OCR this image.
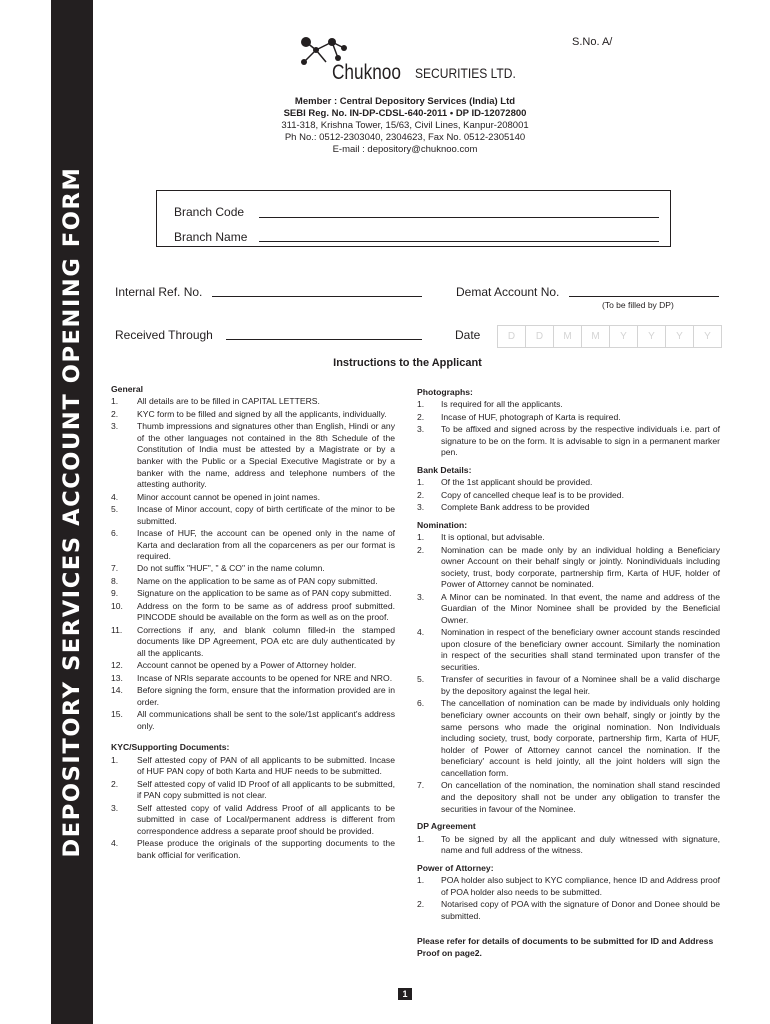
DEPOSITORY SERVICES ACCOUNT OPENING FORM
S.No. A/
Chuknoo SECURITIES LTD.
Member : Central Depository Services (India) Ltd
SEBI Reg. No. IN-DP-CDSL-640-2011 • DP ID-12072800
311-318, Krishna Tower, 15/63, Civil Lines, Kanpur-208001
Ph No.: 0512-2303040, 2304623, Fax No. 0512-2305140
E-mail : depository@chuknoo.com
Branch Code
Branch Name
Internal Ref. No.	Demat Account No.
(To be filled by DP)
Received Through	Date	D	D	M	M	Y	Y	Y	Y
Instructions to the Applicant
General
1.	All details are to be filled in CAPITAL LETTERS.
2.	KYC form to be filled and signed by all the applicants, individually.
3.	Thumb impressions and signatures other than English, Hindi or any of the other languages not contained in the 8th Schedule of the Constitution of India must be attested by a Magistrate or by a banker with the Public or a Special Executive Magistrate or by a banker with the name, address and telephone numbers of the attesting authority.
4.	Minor account cannot be opened in joint names.
5.	Incase of Minor account, copy of birth certificate of the minor to be submitted.
6.	Incase of HUF, the account can be opened only in the name of Karta and declaration from all the coparceners as per our format is required.
7.	Do not suffix "HUF", " & CO" in the name column.
8.	Name on the application to be same as of PAN copy submitted.
9.	Signature on the application to be same as of PAN copy submitted.
10.	Address on the form to be same as of address proof submitted. PINCODE should be available on the form as well as on the proof.
11.	Corrections if any, and blank column filled-in the stamped documents like DP Agreement, POA etc are duly authenticated by all the applicants.
12.	Account cannot be opened by a Power of Attorney holder.
13.	Incase of NRIs separate accounts to be opened for NRE and NRO.
14.	Before signing the form, ensure that the information provided are in order.
15.	All communications shall be sent to the sole/1st applicant's address only.
KYC/Supporting Documents:
1.	Self attested copy of PAN of all applicants to be submitted. Incase of HUF PAN copy of both Karta and HUF needs to be submitted.
2.	Self attested copy of valid ID Proof of all applicants to be submitted, if PAN copy submitted is not clear.
3.	Self attested copy of valid Address Proof of all applicants to be submitted in case of Local/permanent address is different from correspondence address a separate proof should be provided.
4.	Please produce the originals of the supporting documents to the bank official for verification.
Photographs:
1.	Is required for all the applicants.
2.	Incase of HUF, photograph of Karta is required.
3.	To be affixed and signed across by the respective individuals i.e. part of signature to be on the form. It is advisable to sign in a permanent marker pen.
Bank Details:
1.	Of the 1st applicant should be provided.
2.	Copy of cancelled cheque leaf is to be provided.
3.	Complete Bank address to be provided
Nomination:
1.	It is optional, but advisable.
2.	Nomination can be made only by an individual holding a Beneficiary owner Account on their behalf singly or jointly. Nonindividuals including society, trust, body corporate, partnership firm, Karta of HUF, holder of Power of Attorney cannot be nominated.
3.	A Minor can be nominated. In that event, the name and address of the Guardian of the Minor Nominee shall be provided by the Beneficial Owner.
4.	Nomination in respect of the beneficiary owner account stands rescinded upon closure of the beneficiary owner account. Similarly the nomination in respect of the securities shall stand terminated upon transfer of the securities.
5.	Transfer of securities in favour of a Nominee shall be a valid discharge by the depository against the legal heir.
6.	The cancellation of nomination can be made by individuals only holding beneficiary owner accounts on their own behalf, singly or jointly by the same persons who made the original nomination. Non Individuals including society, trust, body corporate, partnership firm, Karta of HUF, holder of Power of Attorney cannot cancel the nomination. If the beneficiary' account is held jointly, all the joint holders will sign the cancellation form.
7.	On cancellation of the nomination, the nomination shall stand rescinded and the depository shall not be under any obligation to transfer the securities in favour of the Nominee.
DP Agreement
1.	To be signed by all the applicant and duly witnessed with signature, name and full address of the witness.
Power of Attorney:
1.	POA holder also subject to KYC compliance, hence ID and Address proof of POA holder also needs to be submitted.
2.	Notarised copy of POA with the signature of Donor and Donee should be submitted.
Please refer for details of documents to be submitted for ID and Address Proof on page2.
1
